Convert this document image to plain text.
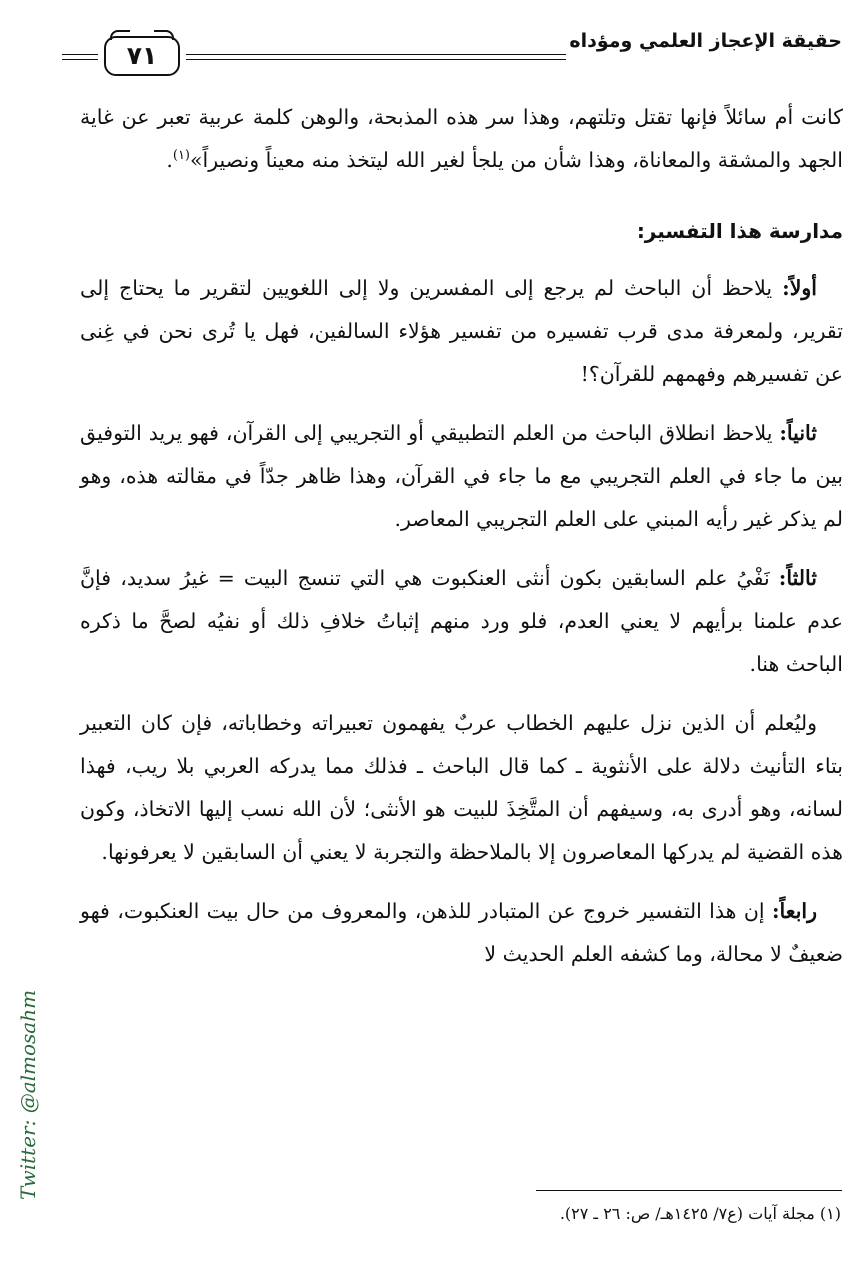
حقيقة الإعجاز العلمي ومؤداه
٧١

كانت أم سائلاً فإنها تقتل وتلتهم، وهذا سر هذه المذبحة، والوهن كلمة عربية تعبر عن غاية الجهد والمشقة والمعاناة، وهذا شأن من يلجأ لغير الله ليتخذ منه معيناً ونصيراً»$^{(١)}$.

مدارسة هذا التفسير:

أولاً: يلاحظ أن الباحث لم يرجع إلى المفسرين ولا إلى اللغويين لتقرير ما يحتاج إلى تقرير، ولمعرفة مدى قرب تفسيره من تفسير هؤلاء السالفين، فهل يا تُرى نحن في غِنى عن تفسيرهم وفهمهم للقرآن؟!

ثانياً: يلاحظ انطلاق الباحث من العلم التطبيقي أو التجريبي إلى القرآن، فهو يريد التوفيق بين ما جاء في العلم التجريبي مع ما جاء في القرآن، وهذا ظاهر جدّاً في مقالته هذه، وهو لم يذكر غير رأيه المبني على العلم التجريبي المعاصر.

ثالثاً: نَفْيُ علم السابقين بكون أنثى العنكبوت هي التي تنسج البيت = غيرُ سديد، فإنَّ عدم علمنا برأيهم لا يعني العدم، فلو ورد منهم إثباتُ خلافِ ذلك أو نفيُه لصحَّ ما ذكره الباحث هنا.

وليُعلم أن الذين نزل عليهم الخطاب عربٌ يفهمون تعبيراته وخطاباته، فإن كان التعبير بتاء التأنيث دلالة على الأنثوية ـ كما قال الباحث ـ فذلك مما يدركه العربي بلا ريب، فهذا لسانه، وهو أدرى به، وسيفهم أن المتَّخِذَ للبيت هو الأنثى؛ لأن الله نسب إليها الاتخاذ، وكون هذه القضية لم يدركها المعاصرون إلا بالملاحظة والتجربة لا يعني أن السابقين لا يعرفونها.

رابعاً: إن هذا التفسير خروج عن المتبادر للذهن، والمعروف من حال بيت العنكبوت، فهو ضعيفٌ لا محالة، وما كشفه العلم الحديث لا

(١) مجلة آيات (ع٧/ ١٤٢٥هـ/ ص: ٢٦ ـ ٢٧).
Twitter: @almosahm
